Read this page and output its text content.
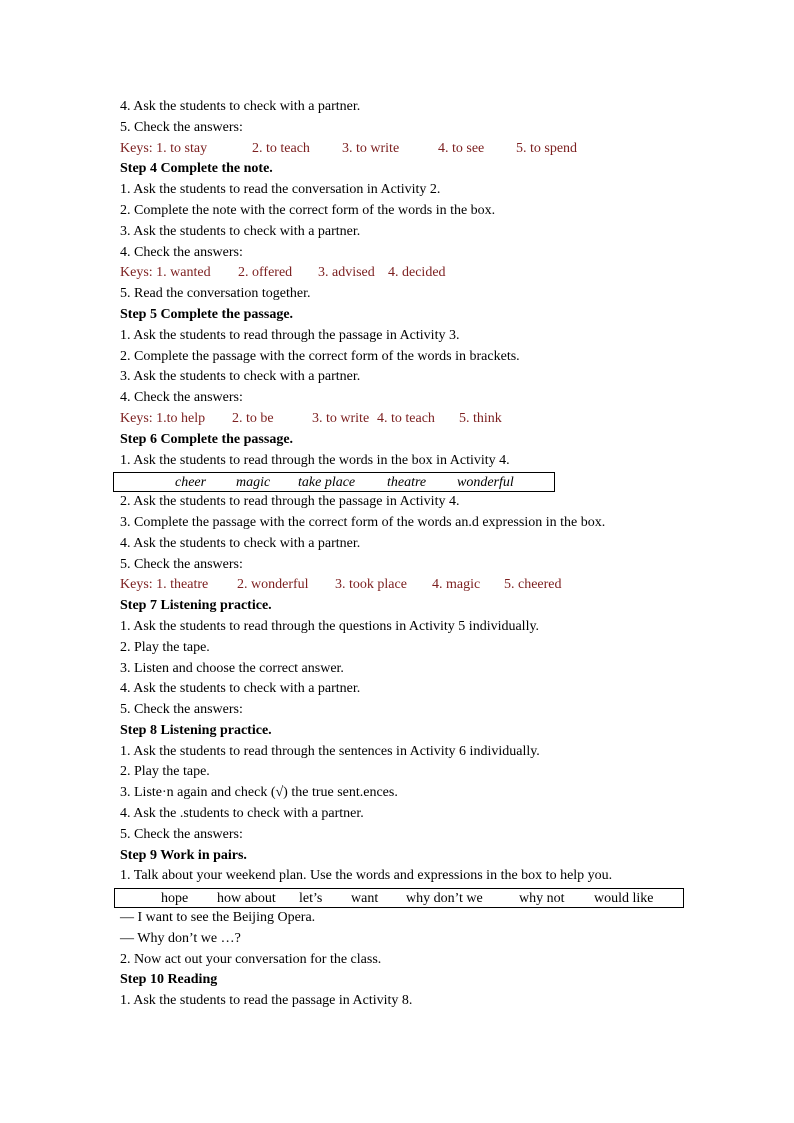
4. Ask the students to check with a partner.
5. Check the answers:
Keys: 1. to stay	2. to teach 3. to write	4. to see 5. to spend
Step 4 Complete the note.
1. Ask the students to read the conversation in Activity 2.
2. Complete the note with the correct form of the words in the box.
3. Ask the students to check with a partner.
4. Check the answers:
Keys: 1. wanted 2. offered 3. advised 4. decided
5. Read the conversation together.
Step 5 Complete the passage.
1. Ask the students to read through the passage in Activity 3.
2. Complete the passage with the correct form of the words in brackets.
3. Ask the students to check with a partner.
4. Check the answers:
Keys: 1.to help 2. to be	3. to write 4. to teach 5. think
Step 6 Complete the passage.
1. Ask the students to read through the words in the box in Activity 4.
cheer magic take place theatre wonderful
2. Ask the students to read through the passage in Activity 4.
3. Complete the passage with the correct form of the words an.d expression in the box.
4. Ask the students to check with a partner.
5. Check the answers:
Keys: 1. theatre 2. wonderful 3. took place 4. magic 5. cheered
Step 7 Listening practice.
1. Ask the students to read through the questions in Activity 5 individually.
2. Play the tape.
3. Listen and choose the correct answer.
4. Ask the students to check with a partner.
5. Check the answers:
Step 8 Listening practice.
1. Ask the students to read through the sentences in Activity 6 individually.
2. Play the tape.
3. Liste·n again and check (√) the true sent.ences.
4. Ask the .students to check with a partner.
5. Check the answers:
Step 9 Work in pairs.
1. Talk about your weekend plan. Use the words and expressions in the box to help you.
hope how about let’s want why don’t we	why not would like
— I want to see the Beijing Opera.
— Why don’t we …?
2. Now act out your conversation for the class.
Step 10 Reading
1. Ask the students to read the passage in Activity 8.
